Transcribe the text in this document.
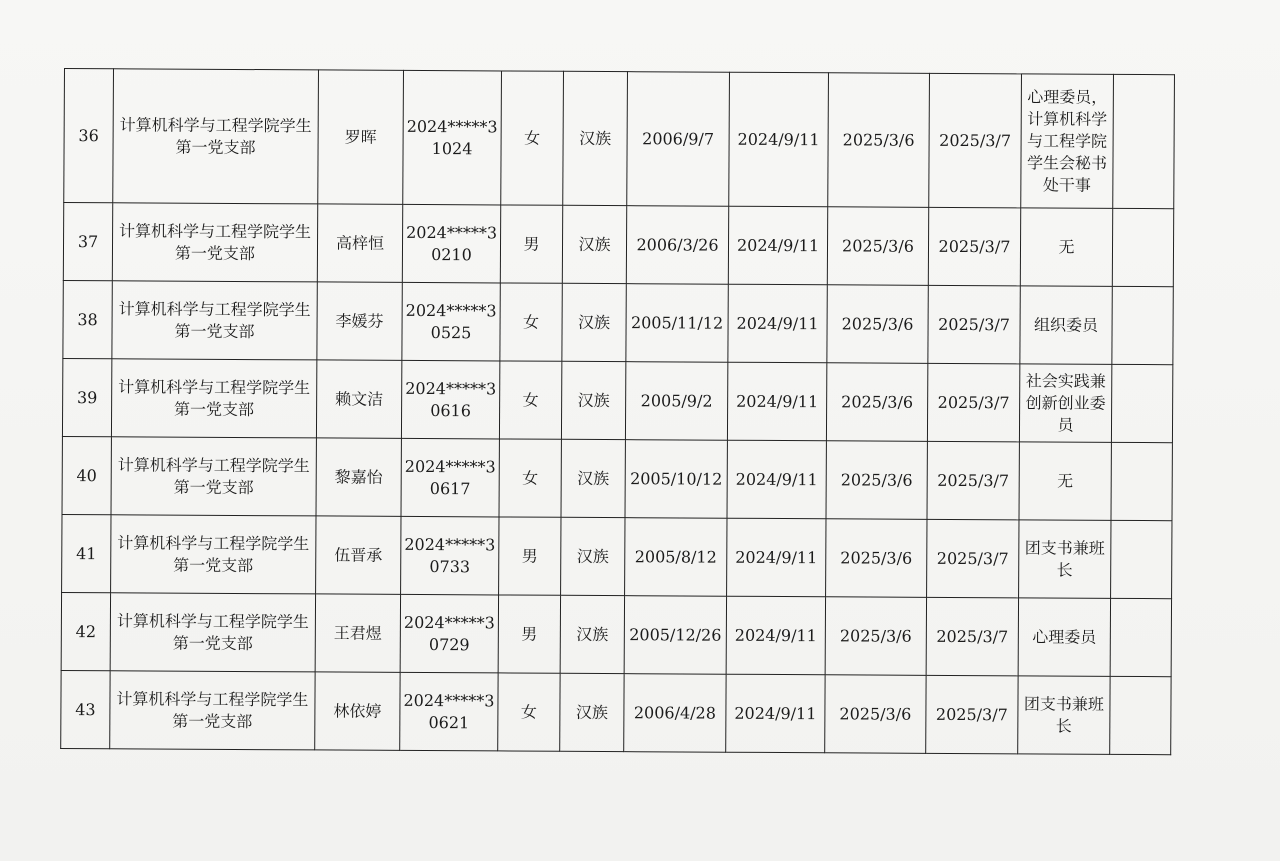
36	计算机科学与工程学院学生第一党支部	罗晖	2024*****31024	女	汉族	2006/9/7	2024/9/11	2025/3/6	2025/3/7	心理委员，计算机科学与工程学院学生会秘书处干事	
37	计算机科学与工程学院学生第一党支部	高梓恒	2024*****30210	男	汉族	2006/3/26	2024/9/11	2025/3/6	2025/3/7	无	
38	计算机科学与工程学院学生第一党支部	李媛芬	2024*****30525	女	汉族	2005/11/12	2024/9/11	2025/3/6	2025/3/7	组织委员	
39	计算机科学与工程学院学生第一党支部	赖文洁	2024*****30616	女	汉族	2005/9/2	2024/9/11	2025/3/6	2025/3/7	社会实践兼创新创业委员	
40	计算机科学与工程学院学生第一党支部	黎嘉怡	2024*****30617	女	汉族	2005/10/12	2024/9/11	2025/3/6	2025/3/7	无	
41	计算机科学与工程学院学生第一党支部	伍晋承	2024*****30733	男	汉族	2005/8/12	2024/9/11	2025/3/6	2025/3/7	团支书兼班长	
42	计算机科学与工程学院学生第一党支部	王君煜	2024*****30729	男	汉族	2005/12/26	2024/9/11	2025/3/6	2025/3/7	心理委员	
43	计算机科学与工程学院学生第一党支部	林依婷	2024*****30621	女	汉族	2006/4/28	2024/9/11	2025/3/6	2025/3/7	团支书兼班长	
